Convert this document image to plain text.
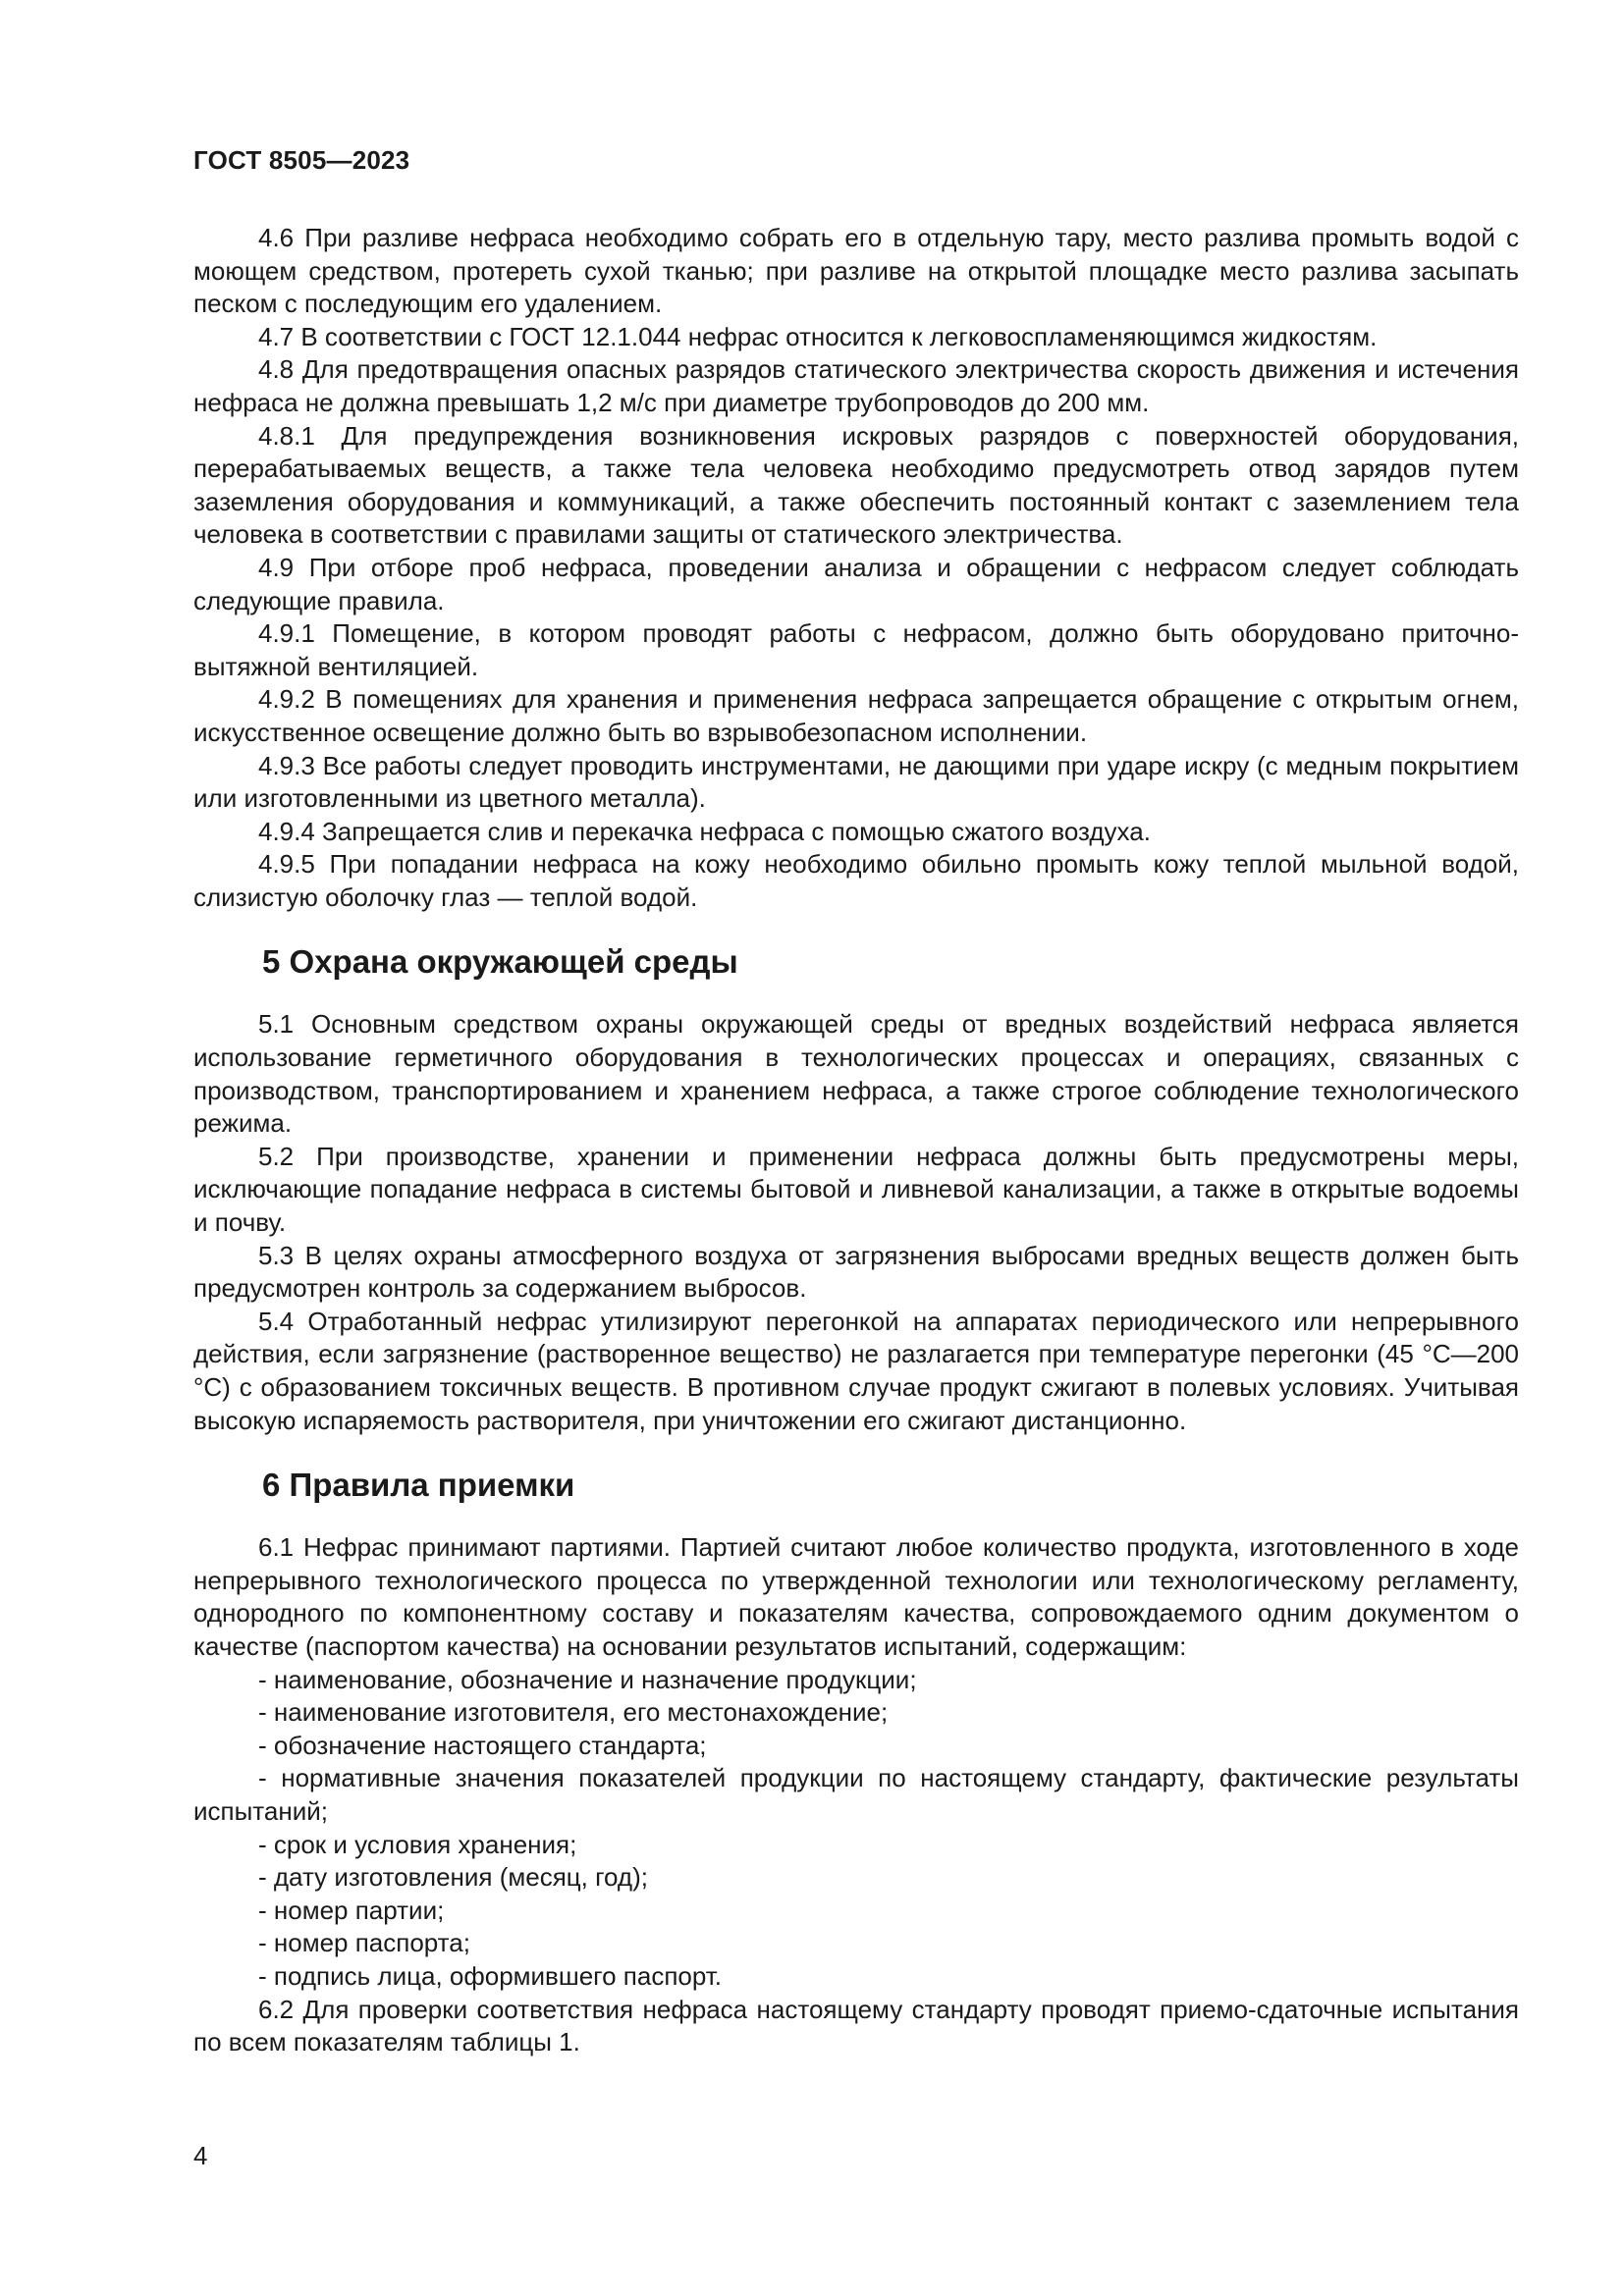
ГОСТ 8505—2023

4.6 При разливе нефраса необходимо собрать его в отдельную тару, место разлива промыть водой с моющем средством, протереть сухой тканью; при разливе на открытой площадке место разлива засыпать песком с последующим его удалением.

4.7 В соответствии с ГОСТ 12.1.044 нефрас относится к легковоспламеняющимся жидкостям.

4.8 Для предотвращения опасных разрядов статического электричества скорость движения и истечения нефраса не должна превышать 1,2 м/с при диаметре трубопроводов до 200 мм.

4.8.1 Для предупреждения возникновения искровых разрядов с поверхностей оборудования, перерабатываемых веществ, а также тела человека необходимо предусмотреть отвод зарядов путем заземления оборудования и коммуникаций, а также обеспечить постоянный контакт с заземлением тела человека в соответствии с правилами защиты от статического электричества.

4.9 При отборе проб нефраса, проведении анализа и обращении с нефрасом следует соблюдать следующие правила.

4.9.1 Помещение, в котором проводят работы с нефрасом, должно быть оборудовано приточно-вытяжной вентиляцией.

4.9.2 В помещениях для хранения и применения нефраса запрещается обращение с открытым огнем, искусственное освещение должно быть во взрывобезопасном исполнении.

4.9.3 Все работы следует проводить инструментами, не дающими при ударе искру (с медным покрытием или изготовленными из цветного металла).

4.9.4 Запрещается слив и перекачка нефраса с помощью сжатого воздуха.

4.9.5 При попадании нефраса на кожу необходимо обильно промыть кожу теплой мыльной водой, слизистую оболочку глаз — теплой водой.

5 Охрана окружающей среды

5.1 Основным средством охраны окружающей среды от вредных воздействий нефраса является использование герметичного оборудования в технологических процессах и операциях, связанных с производством, транспортированием и хранением нефраса, а также строгое соблюдение технологического режима.

5.2 При производстве, хранении и применении нефраса должны быть предусмотрены меры, исключающие попадание нефраса в системы бытовой и ливневой канализации, а также в открытые водоемы и почву.

5.3 В целях охраны атмосферного воздуха от загрязнения выбросами вредных веществ должен быть предусмотрен контроль за содержанием выбросов.

5.4 Отработанный нефрас утилизируют перегонкой на аппаратах периодического или непрерывного действия, если загрязнение (растворенное вещество) не разлагается при температуре перегонки (45 °С—200 °С) с образованием токсичных веществ. В противном случае продукт сжигают в полевых условиях. Учитывая высокую испаряемость растворителя, при уничтожении его сжигают дистанционно.

6 Правила приемки

6.1 Нефрас принимают партиями. Партией считают любое количество продукта, изготовленного в ходе непрерывного технологического процесса по утвержденной технологии или технологическому регламенту, однородного по компонентному составу и показателям качества, сопровождаемого одним документом о качестве (паспортом качества) на основании результатов испытаний, содержащим:

- наименование, обозначение и назначение продукции;

- наименование изготовителя, его местонахождение;

- обозначение настоящего стандарта;

- нормативные значения показателей продукции по настоящему стандарту, фактические результаты испытаний;

- срок и условия хранения;

- дату изготовления (месяц, год);

- номер партии;

- номер паспорта;

- подпись лица, оформившего паспорт.

6.2 Для проверки соответствия нефраса настоящему стандарту проводят приемо-сдаточные испытания по всем показателям таблицы 1.

4
